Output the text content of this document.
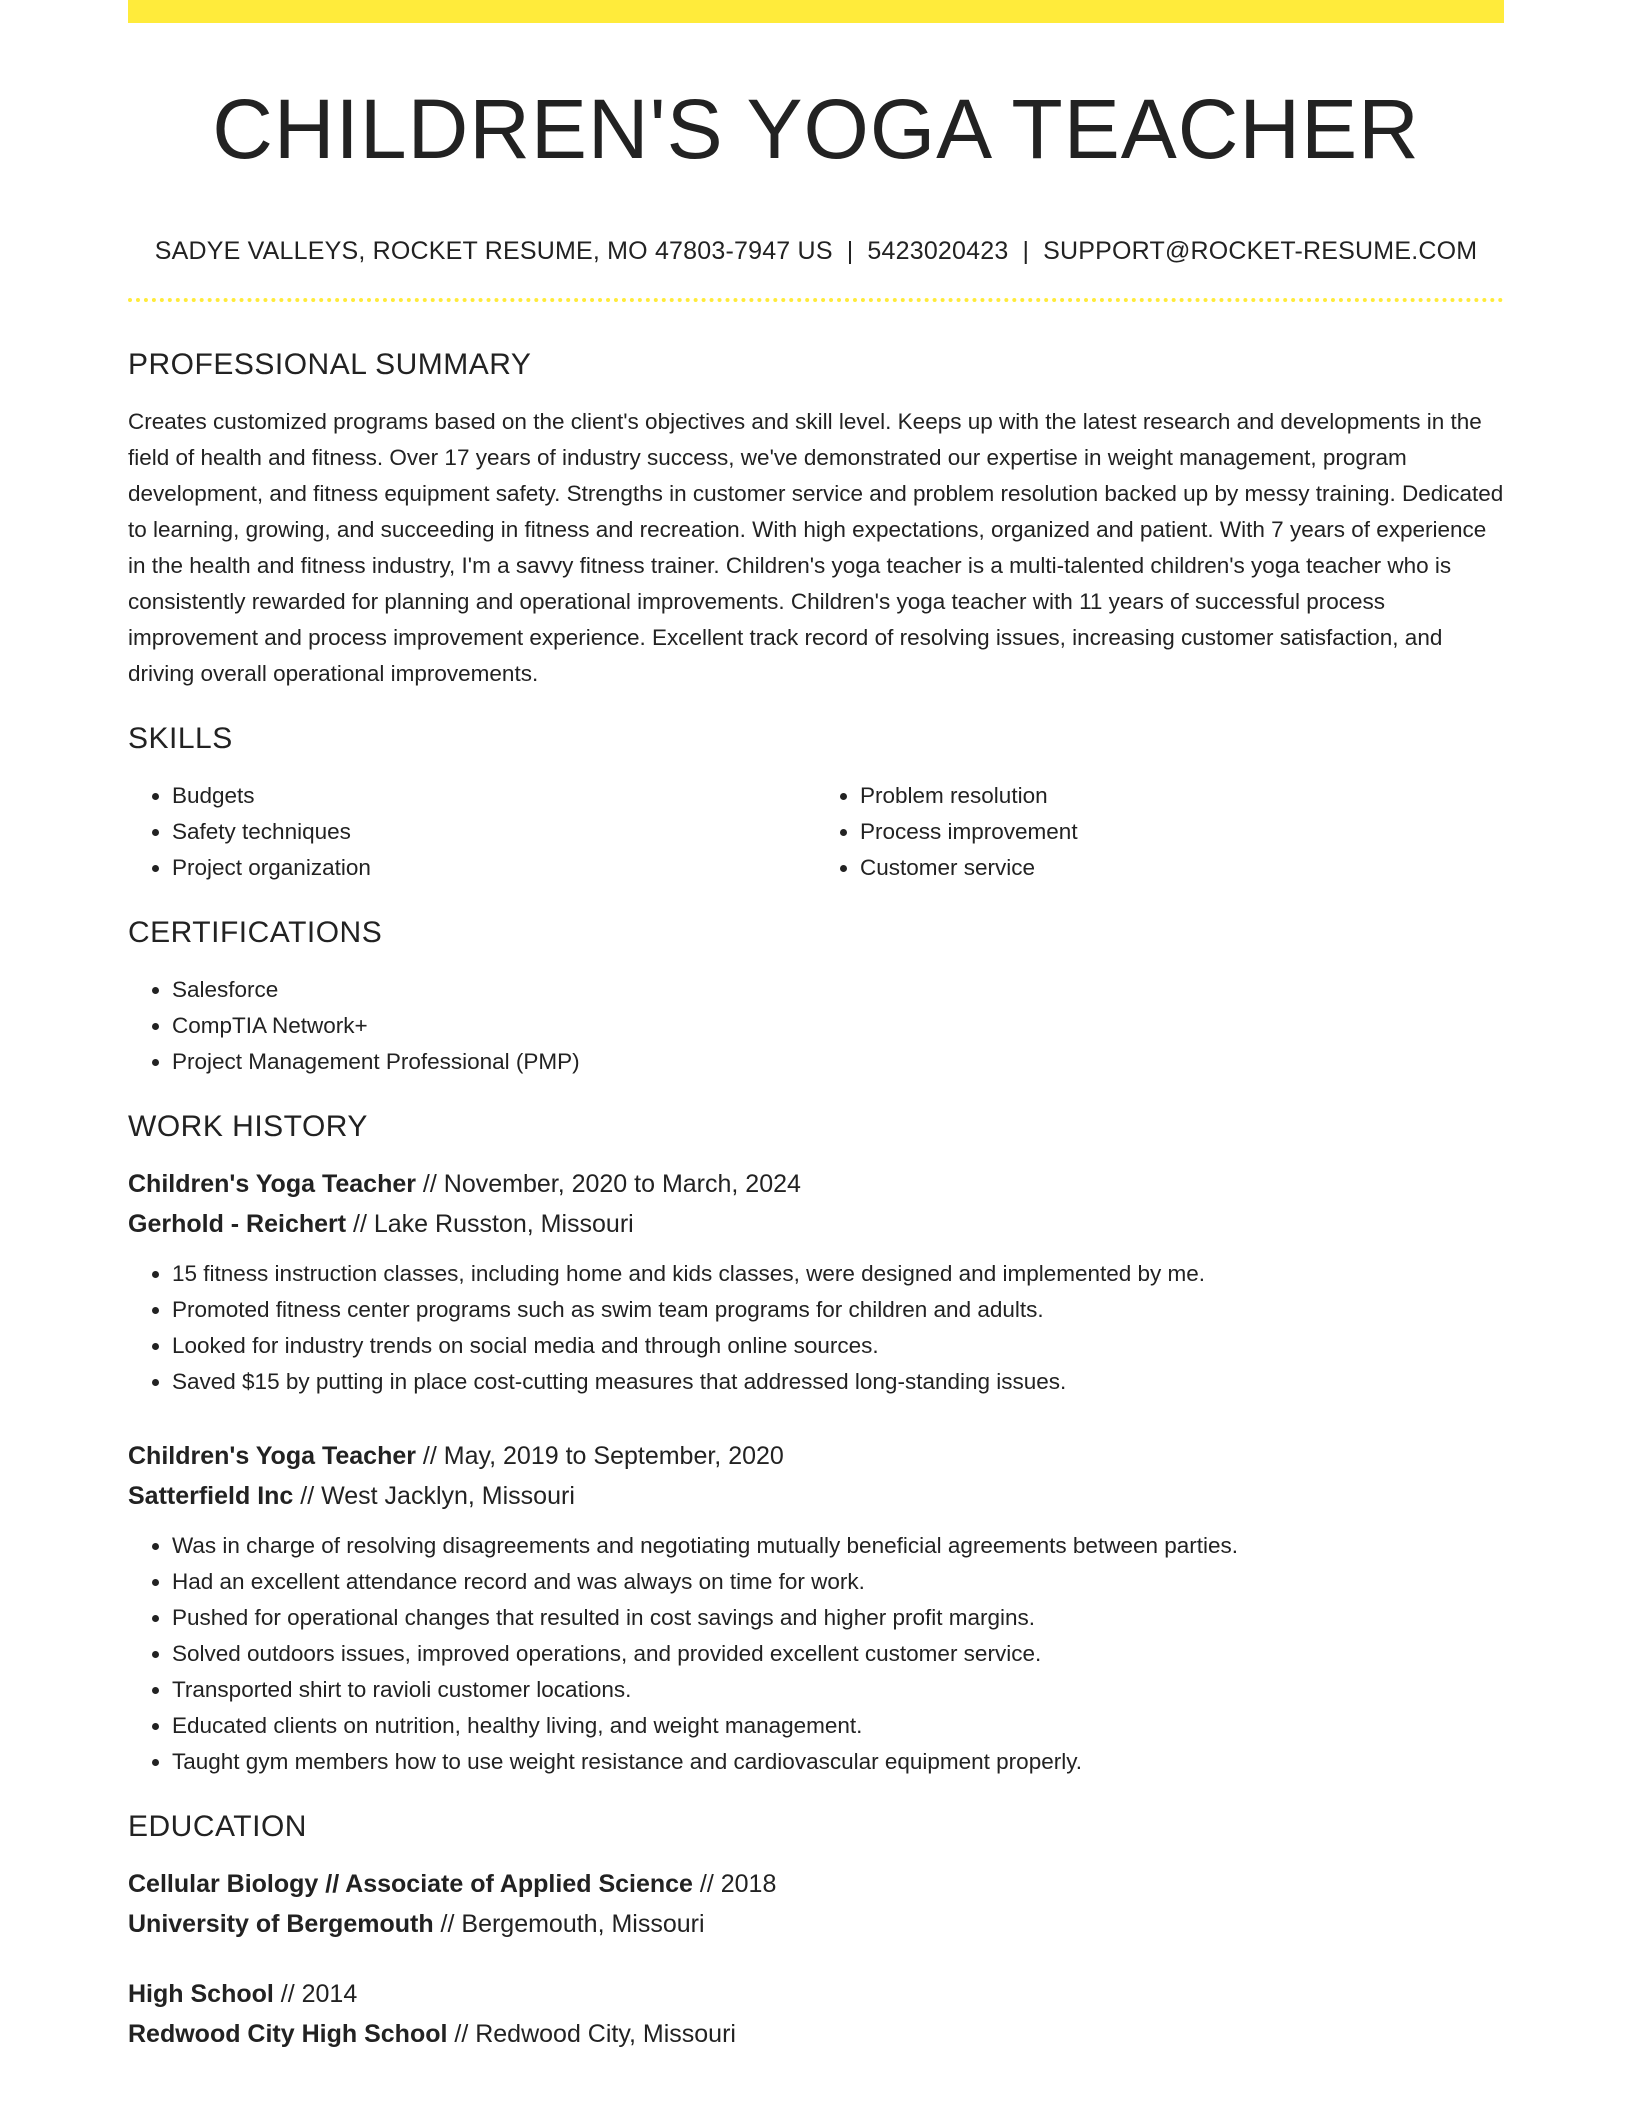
CHILDREN'S YOGA TEACHER
SADYE VALLEYS, ROCKET RESUME, MO 47803-7947 US | 5423020423 | SUPPORT@ROCKET-RESUME.COM
PROFESSIONAL SUMMARY

Creates customized programs based on the client's objectives and skill level. Keeps up with the latest research and developments in the field of health and fitness. Over 17 years of industry success, we've demonstrated our expertise in weight management, program development, and fitness equipment safety. Strengths in customer service and problem resolution backed up by messy training. Dedicated to learning, growing, and succeeding in fitness and recreation. With high expectations, organized and patient. With 7 years of experience in the health and fitness industry, I'm a savvy fitness trainer. Children's yoga teacher is a multi-talented children's yoga teacher who is consistently rewarded for planning and operational improvements. Children's yoga teacher with 11 years of successful process improvement and process improvement experience. Excellent track record of resolving issues, increasing customer satisfaction, and driving overall operational improvements.

SKILLS
• Budgets
• Safety techniques
• Project organization
• Problem resolution
• Process improvement
• Customer service
CERTIFICATIONS
• Salesforce
• CompTIA Network+
• Project Management Professional (PMP)
WORK HISTORY
Children's Yoga Teacher // November, 2020 to March, 2024
Gerhold - Reichert // Lake Russton, Missouri
• 15 fitness instruction classes, including home and kids classes, were designed and implemented by me.
• Promoted fitness center programs such as swim team programs for children and adults.
• Looked for industry trends on social media and through online sources.
• Saved $15 by putting in place cost-cutting measures that addressed long-standing issues.
Children's Yoga Teacher // May, 2019 to September, 2020
Satterfield Inc // West Jacklyn, Missouri
• Was in charge of resolving disagreements and negotiating mutually beneficial agreements between parties.
• Had an excellent attendance record and was always on time for work.
• Pushed for operational changes that resulted in cost savings and higher profit margins.
• Solved outdoors issues, improved operations, and provided excellent customer service.
• Transported shirt to ravioli customer locations.
• Educated clients on nutrition, healthy living, and weight management.
• Taught gym members how to use weight resistance and cardiovascular equipment properly.
EDUCATION
Cellular Biology // Associate of Applied Science // 2018
University of Bergemouth // Bergemouth, Missouri
High School // 2014
Redwood City High School // Redwood City, Missouri
